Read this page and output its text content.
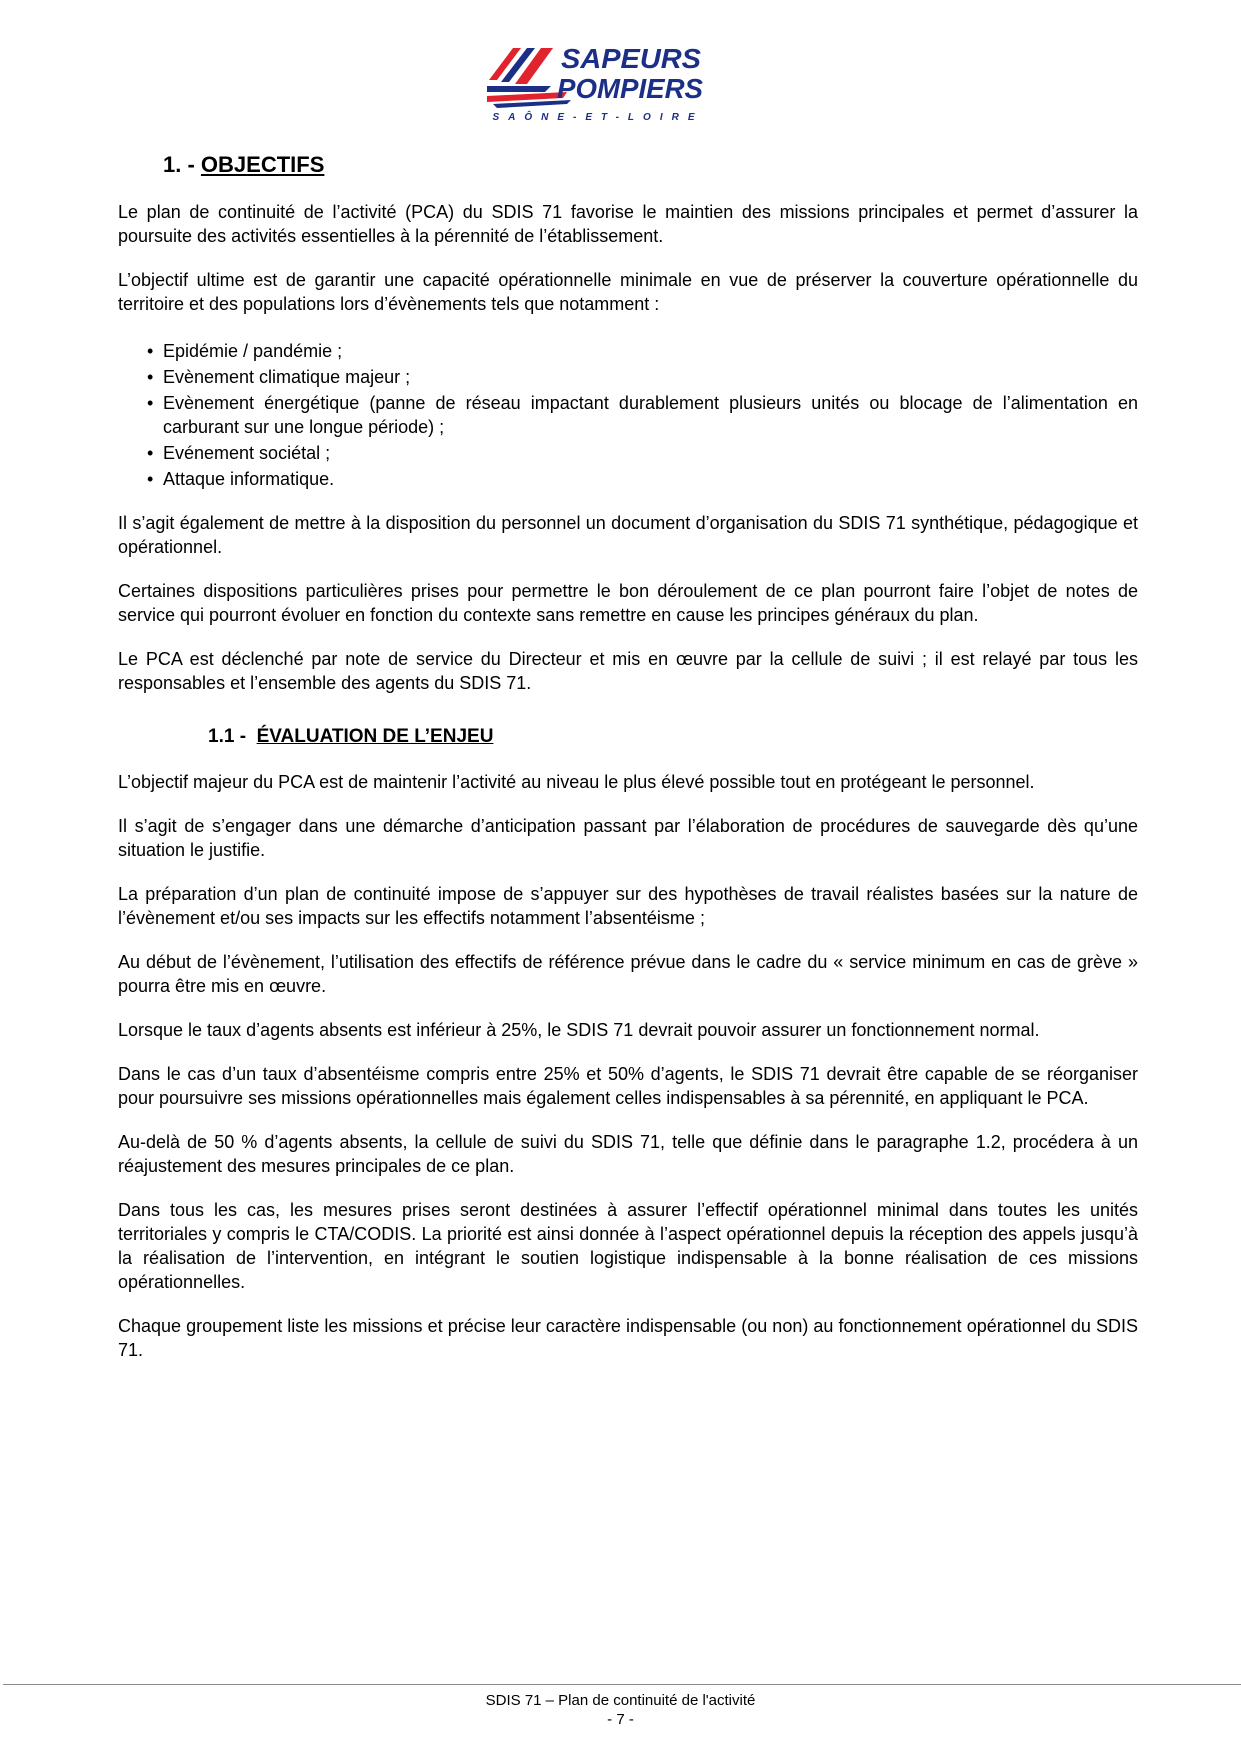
SAPEURS
POMPIERS
SAÔNE-ET-LOIRE
1. - OBJECTIFS

Le plan de continuité de l’activité (PCA) du SDIS 71 favorise le maintien des missions principales et permet d’assurer la poursuite des activités essentielles à la pérennité de l’établissement.

L’objectif ultime est de garantir une capacité opérationnelle minimale en vue de préserver la couverture opérationnelle du territoire et des populations lors d’évènements tels que notamment :

• Epidémie / pandémie ;
• Evènement climatique majeur ;
• Evènement énergétique (panne de réseau impactant durablement plusieurs unités ou blocage de l’alimentation en carburant sur une longue période) ;
• Evénement sociétal ;
• Attaque informatique.

Il s’agit également de mettre à la disposition du personnel un document d’organisation du SDIS 71 synthétique, pédagogique et opérationnel.

Certaines dispositions particulières prises pour permettre le bon déroulement de ce plan pourront faire l’objet de notes de service qui pourront évoluer en fonction du contexte sans remettre en cause les principes généraux du plan.

Le PCA est déclenché par note de service du Directeur et mis en œuvre par la cellule de suivi ; il est relayé par tous les responsables et l’ensemble des agents du SDIS 71.

1.1 - ÉVALUATION DE L’ENJEU

L’objectif majeur du PCA est de maintenir l’activité au niveau le plus élevé possible tout en protégeant le personnel.

Il s’agit de s’engager dans une démarche d’anticipation passant par l’élaboration de procédures de sauvegarde dès qu’une situation le justifie.

La préparation d’un plan de continuité impose de s’appuyer sur des hypothèses de travail réalistes basées sur la nature de l’évènement et/ou ses impacts sur les effectifs notamment l’absentéisme ;

Au début de l’évènement, l’utilisation des effectifs de référence prévue dans le cadre du « service minimum en cas de grève » pourra être mis en œuvre.

Lorsque le taux d’agents absents est inférieur à 25%, le SDIS 71 devrait pouvoir assurer un fonctionnement normal.

Dans le cas d’un taux d’absentéisme compris entre 25% et 50% d’agents, le SDIS 71 devrait être capable de se réorganiser pour poursuivre ses missions opérationnelles mais également celles indispensables à sa pérennité, en appliquant le PCA.

Au-delà de 50 % d’agents absents, la cellule de suivi du SDIS 71, telle que définie dans le paragraphe 1.2, procédera à un réajustement des mesures principales de ce plan.

Dans tous les cas, les mesures prises seront destinées à assurer l’effectif opérationnel minimal dans toutes les unités territoriales y compris le CTA/CODIS. La priorité est ainsi donnée à l’aspect opérationnel depuis la réception des appels jusqu’à la réalisation de l’intervention, en intégrant le soutien logistique indispensable à la bonne réalisation de ces missions opérationnelles.

Chaque groupement liste les missions et précise leur caractère indispensable (ou non) au fonctionnement opérationnel du SDIS 71.

SDIS 71 – Plan de continuité de l'activité
- 7 -
